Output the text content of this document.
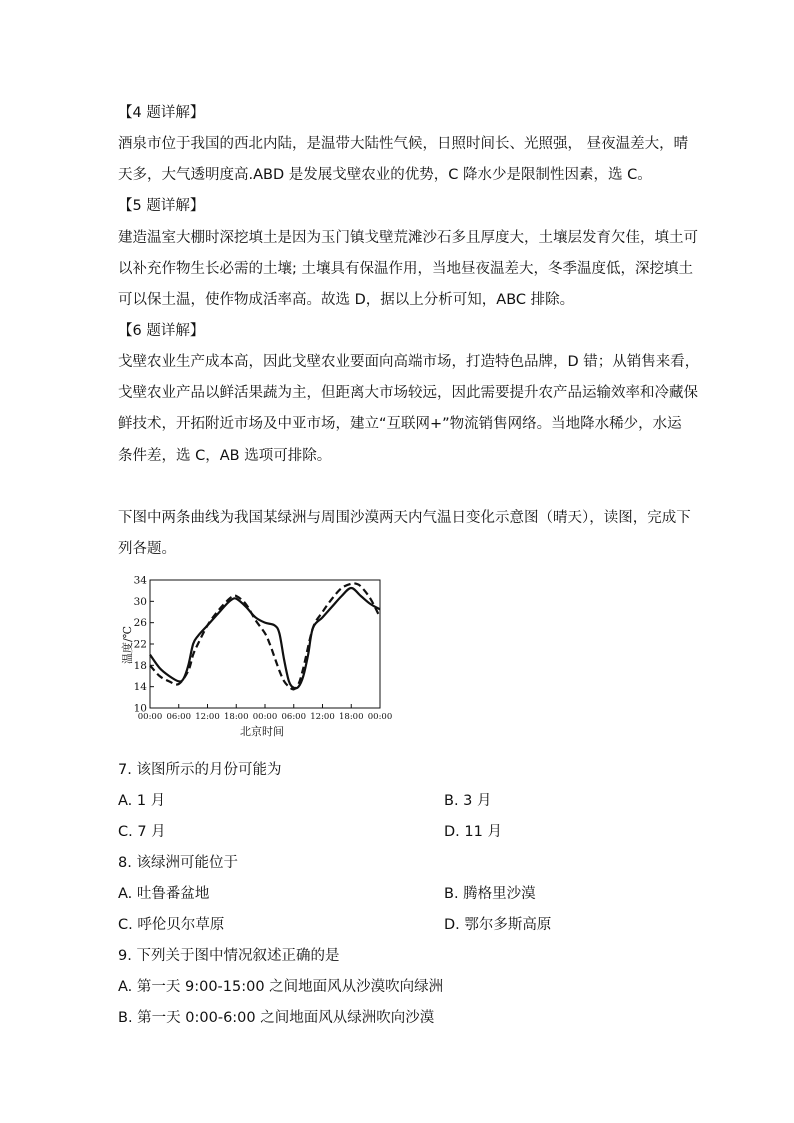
【4 题详解】
酒泉市位于我国的西北内陆，是温带大陆性气候，日照时间长、光照强， 昼夜温差大，晴
天多，大气透明度高.ABD 是发展戈壁农业的优势，C 降水少是限制性因素，选 C。
【5 题详解】
建造温室大棚时深挖填土是因为玉门镇戈壁荒滩沙石多且厚度大，土壤层发育欠佳，填土可
以补充作物生长必需的土壤; 土壤具有保温作用，当地昼夜温差大，冬季温度低，深挖填土
可以保土温，使作物成活率高。故选 D，据以上分析可知，ABC 排除。
【6 题详解】
戈壁农业生产成本高，因此戈壁农业要面向高端市场，打造特色品牌，D 错；从销售来看，
戈壁农业产品以鲜活果蔬为主，但距离大市场较远，因此需要提升农产品运输效率和冷藏保
鲜技术，开拓附近市场及中亚市场，建立“互联网+”物流销售网络。当地降水稀少，水运
条件差，选 C，AB 选项可排除。
下图中两条曲线为我国某绿洲与周围沙漠两天内气温日变化示意图（晴天），读图，完成下
列各题。
10
14
18
22
26
30
34
00:00 06:00 12:00 18:00 00:00 06:00 12:00 18:00 00:00
温度/℃
北京时间
7. 该图所示的月份可能为
A. 1 月	B. 3 月
C. 7 月	D. 11 月
8. 该绿洲可能位于
A. 吐鲁番盆地	B. 腾格里沙漠
C. 呼伦贝尔草原	D. 鄂尔多斯高原
9. 下列关于图中情况叙述正确的是
A. 第一天 9:00-15:00 之间地面风从沙漠吹向绿洲
B. 第一天 0:00-6:00 之间地面风从绿洲吹向沙漠
